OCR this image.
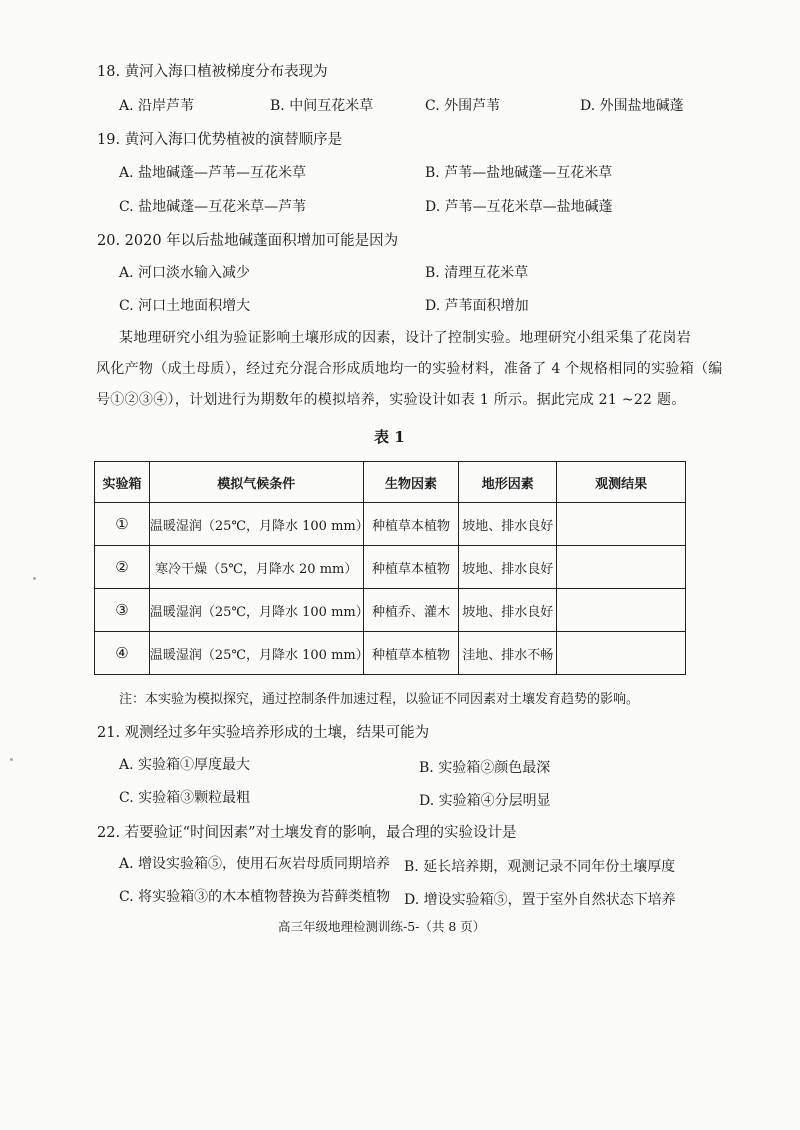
18. 黄河入海口植被梯度分布表现为
A. 沿岸芦苇	B. 中间互花米草	C. 外围芦苇	D. 外围盐地碱蓬
19. 黄河入海口优势植被的演替顺序是
A. 盐地碱蓬—芦苇—互花米草	B. 芦苇—盐地碱蓬—互花米草
C. 盐地碱蓬—互花米草—芦苇	D. 芦苇—互花米草—盐地碱蓬
20. 2020 年以后盐地碱蓬面积增加可能是因为
A. 河口淡水输入减少	B. 清理互花米草
C. 河口土地面积增大	D. 芦苇面积增加
某地理研究小组为验证影响土壤形成的因素，设计了控制实验。地理研究小组采集了花岗岩
风化产物（成土母质），经过充分混合形成质地均一的实验材料，准备了 4 个规格相同的实验箱（编
号①②③④），计划进行为期数年的模拟培养，实验设计如表 1 所示。据此完成 21 ~22 题。
表 1
实验箱	模拟气候条件	生物因素	地形因素	观测结果
①	温暖湿润（25℃，月降水 100 mm）	种植草本植物	坡地、排水良好	
②	寒冷干燥（5℃，月降水 20 mm）	种植草本植物	坡地、排水良好	
③	温暖湿润（25℃，月降水 100 mm）	种植乔、灌木	坡地、排水良好	
④	温暖湿润（25℃，月降水 100 mm）	种植草本植物	洼地、排水不畅	
注：本实验为模拟探究，通过控制条件加速过程，以验证不同因素对土壤发育趋势的影响。
21. 观测经过多年实验培养形成的土壤，结果可能为
A. 实验箱①厚度最大	B. 实验箱②颜色最深
C. 实验箱③颗粒最粗	D. 实验箱④分层明显
22. 若要验证“时间因素”对土壤发育的影响，最合理的实验设计是
A. 增设实验箱⑤，使用石灰岩母质同期培养 B. 延长培养期，观测记录不同年份土壤厚度
C. 将实验箱③的木本植物替换为苔藓类植物 D. 增设实验箱⑤，置于室外自然状态下培养
高三年级地理检测训练-5-（共 8 页）
